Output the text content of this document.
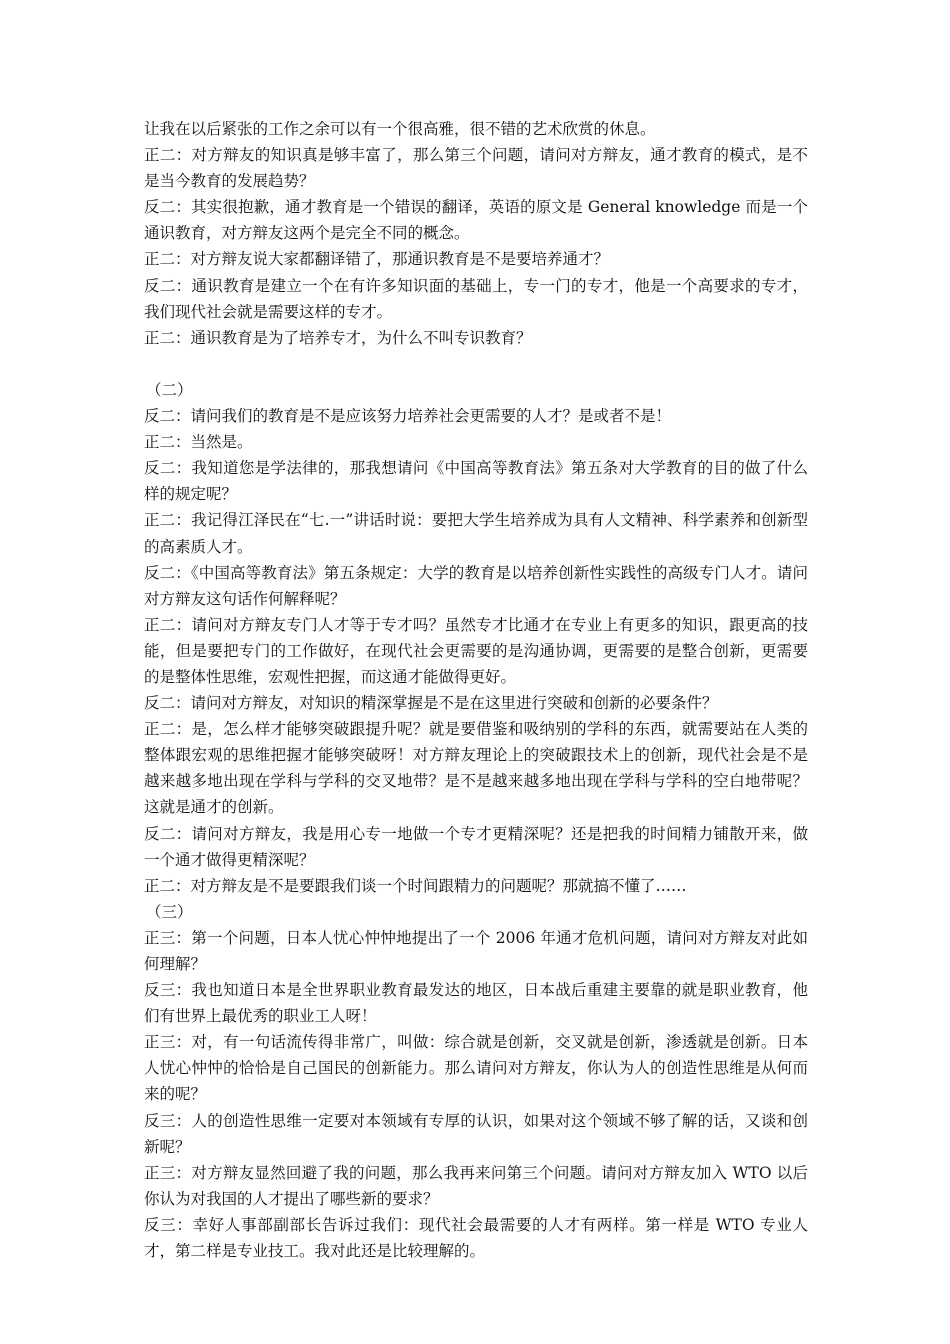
让我在以后紧张的工作之余可以有一个很高雅，很不错的艺术欣赏的休息。

正二：对方辩友的知识真是够丰富了，那么第三个问题，请问对方辩友，通才教育的模式，是不是当今教育的发展趋势？

反二：其实很抱歉，通才教育是一个错误的翻译，英语的原文是 General knowledge 而是一个通识教育，对方辩友这两个是完全不同的概念。

正二：对方辩友说大家都翻译错了，那通识教育是不是要培养通才？

反二：通识教育是建立一个在有许多知识面的基础上，专一门的专才，他是一个高要求的专才，我们现代社会就是需要这样的专才。

正二：通识教育是为了培养专才，为什么不叫专识教育？

（二）

反二：请问我们的教育是不是应该努力培养社会更需要的人才？是或者不是！

正二：当然是。

反二：我知道您是学法律的，那我想请问《中国高等教育法》第五条对大学教育的目的做了什么样的规定呢？

正二：我记得江泽民在“七.一”讲话时说：要把大学生培养成为具有人文精神、科学素养和创新型的高素质人才。

反二：《中国高等教育法》第五条规定：大学的教育是以培养创新性实践性的高级专门人才。请问对方辩友这句话作何解释呢？

正二：请问对方辩友专门人才等于专才吗？虽然专才比通才在专业上有更多的知识，跟更高的技能，但是要把专门的工作做好，在现代社会更需要的是沟通协调，更需要的是整合创新，更需要的是整体性思维，宏观性把握，而这通才能做得更好。

反二：请问对方辩友，对知识的精深掌握是不是在这里进行突破和创新的必要条件？

正二：是，怎么样才能够突破跟提升呢？就是要借鉴和吸纳别的学科的东西，就需要站在人类的整体跟宏观的思维把握才能够突破呀！对方辩友理论上的突破跟技术上的创新，现代社会是不是越来越多地出现在学科与学科的交叉地带？是不是越来越多地出现在学科与学科的空白地带呢？这就是通才的创新。

反二：请问对方辩友，我是用心专一地做一个专才更精深呢？还是把我的时间精力铺散开来，做一个通才做得更精深呢？

正二：对方辩友是不是要跟我们谈一个时间跟精力的问题呢？那就搞不懂了……

（三）

正三：第一个问题，日本人忧心忡忡地提出了一个 2006 年通才危机问题，请问对方辩友对此如何理解？

反三：我也知道日本是全世界职业教育最发达的地区，日本战后重建主要靠的就是职业教育，他们有世界上最优秀的职业工人呀！

正三：对，有一句话流传得非常广，叫做：综合就是创新，交叉就是创新，渗透就是创新。日本人忧心忡忡的恰恰是自己国民的创新能力。那么请问对方辩友，你认为人的创造性思维是从何而来的呢？

反三：人的创造性思维一定要对本领域有专厚的认识，如果对这个领域不够了解的话，又谈和创新呢？

正三：对方辩友显然回避了我的问题，那么我再来问第三个问题。请问对方辩友加入 WTO 以后你认为对我国的人才提出了哪些新的要求？

反三：幸好人事部副部长告诉过我们：现代社会最需要的人才有两样。第一样是 WTO 专业人才，第二样是专业技工。我对此还是比较理解的。
